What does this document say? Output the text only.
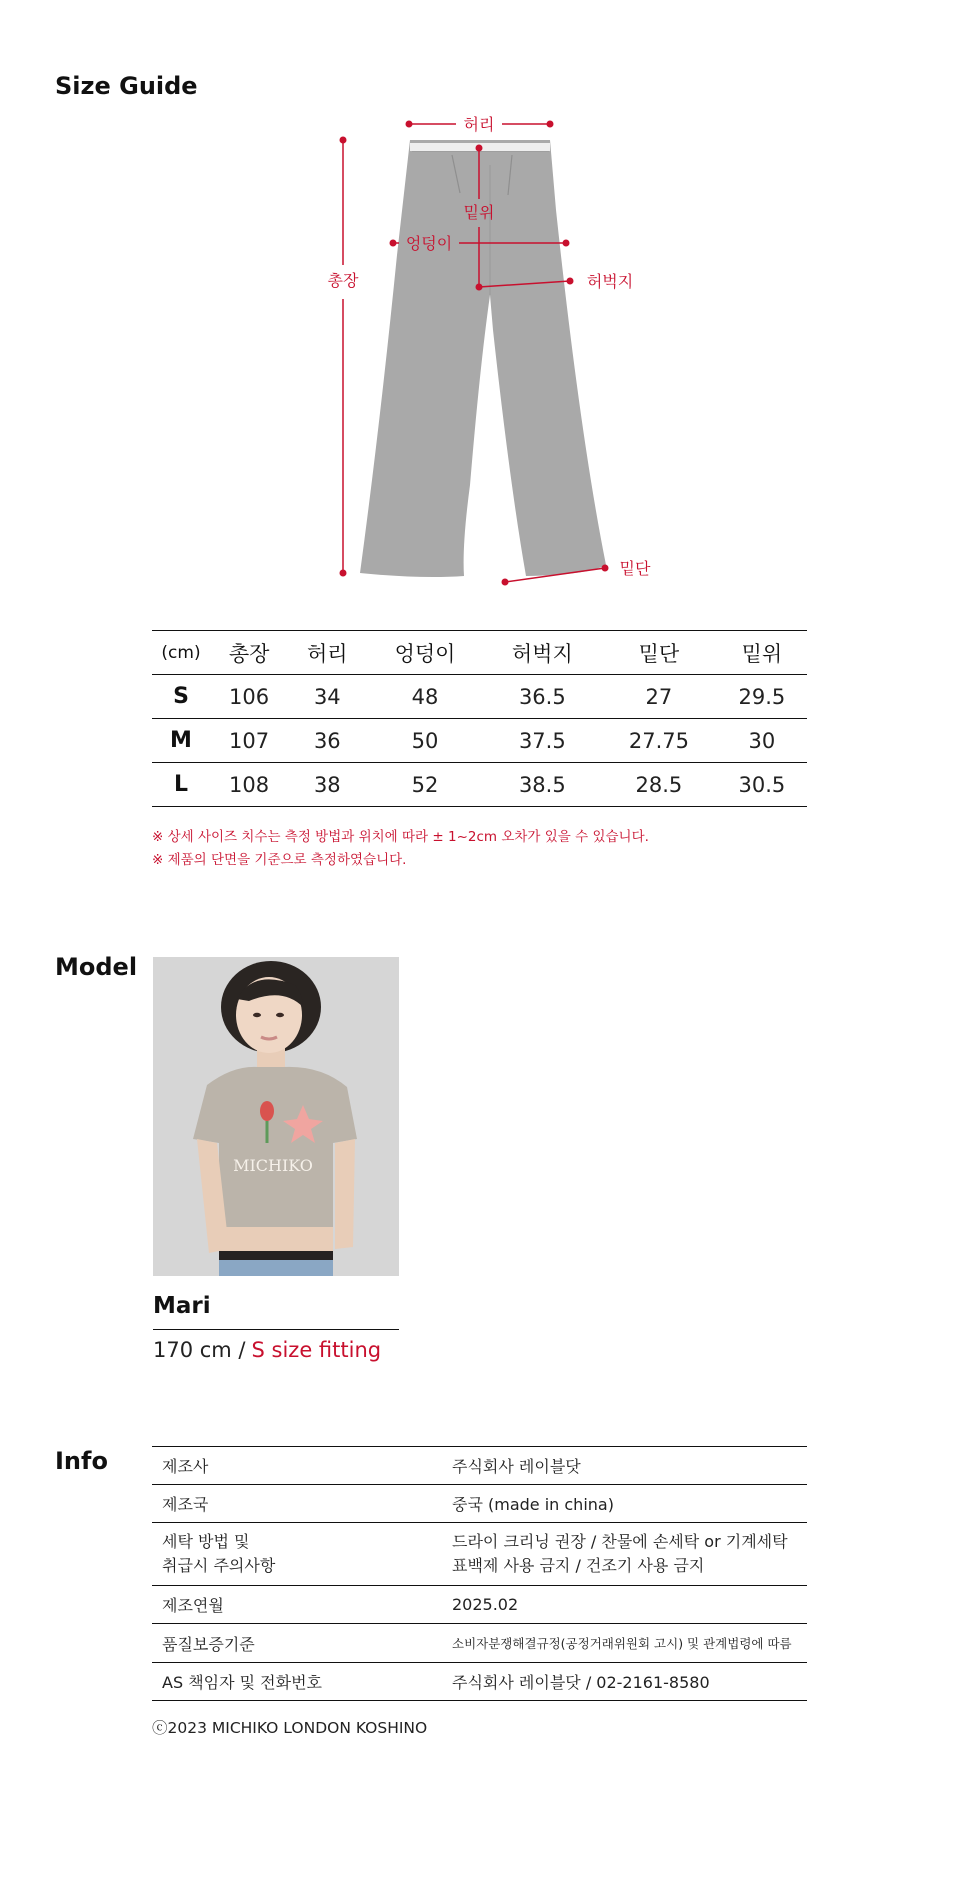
Size Guide
허리
밑위
엉덩이
허벅지
총장
밑단
(cm)	총장	허리	엉덩이	허벅지	밑단	밑위
S	106	34	48	36.5	27	29.5
M	107	36	50	37.5	27.75	30
L	108	38	52	38.5	28.5	30.5
※ 상세 사이즈 치수는 측정 방법과 위치에 따라 ± 1~2cm 오차가 있을 수 있습니다.
※ 제품의 단면을 기준으로 측정하였습니다.
Model
MICHIKO
Mari
170 cm / S size fitting
Info	제조사	주식회사 레이블닷
제조국	중국 (made in china)

세탁 방법 및
취급시 주의사항	드라이 크리닝 권장 / 찬물에 손세탁 or 기계세탁
표백제 사용 금지 / 건조기 사용 금지

제조연월	2025.02
품질보증기준	소비자분쟁해결규정(공정거래위원회 고시) 및 관계법령에 따름
AS 책임자 및 전화번호	주식회사 레이블닷 / 02-2161-8580
ⓒ2023 MICHIKO LONDON KOSHINO
